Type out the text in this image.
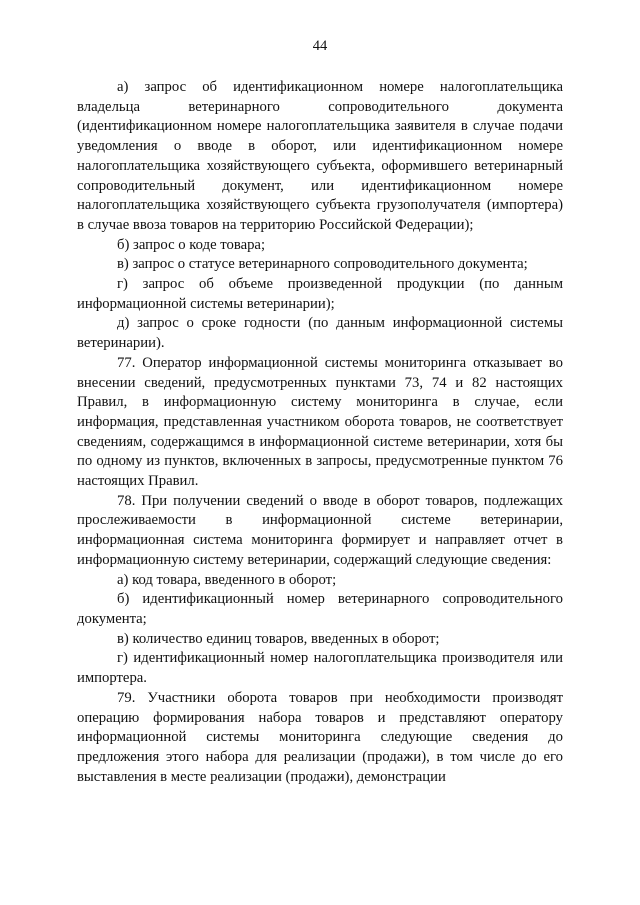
44

а) запрос об идентификационном номере налогоплательщика владельца ветеринарного сопроводительного документа (идентификационном номере налогоплательщика заявителя в случае подачи уведомления о вводе в оборот, или идентификационном номере налогоплательщика хозяйствующего субъекта, оформившего ветеринарный сопроводительный документ, или идентификационном номере налогоплательщика хозяйствующего субъекта грузополучателя (импортера) в случае ввоза товаров на территорию Российской Федерации);

б) запрос о коде товара;

в) запрос о статусе ветеринарного сопроводительного документа;

г) запрос об объеме произведенной продукции (по данным информационной системы ветеринарии);

д) запрос о сроке годности (по данным информационной системы ветеринарии).

77. Оператор информационной системы мониторинга отказывает во внесении сведений, предусмотренных пунктами 73, 74 и 82 настоящих Правил, в информационную систему мониторинга в случае, если информация, представленная участником оборота товаров, не соответствует сведениям, содержащимся в информационной системе ветеринарии, хотя бы по одному из пунктов, включенных в запросы, предусмотренные пунктом 76 настоящих Правил.

78. При получении сведений о вводе в оборот товаров, подлежащих прослеживаемости в информационной системе ветеринарии, информационная система мониторинга формирует и направляет отчет в информационную систему ветеринарии, содержащий следующие сведения:

а) код товара, введенного в оборот;

б) идентификационный номер ветеринарного сопроводительного документа;

в) количество единиц товаров, введенных в оборот;

г) идентификационный номер налогоплательщика производителя или импортера.

79. Участники оборота товаров при необходимости производят операцию формирования набора товаров и представляют оператору информационной системы мониторинга следующие сведения до предложения этого набора для реализации (продажи), в том числе до его выставления в месте реализации (продажи), демонстрации
